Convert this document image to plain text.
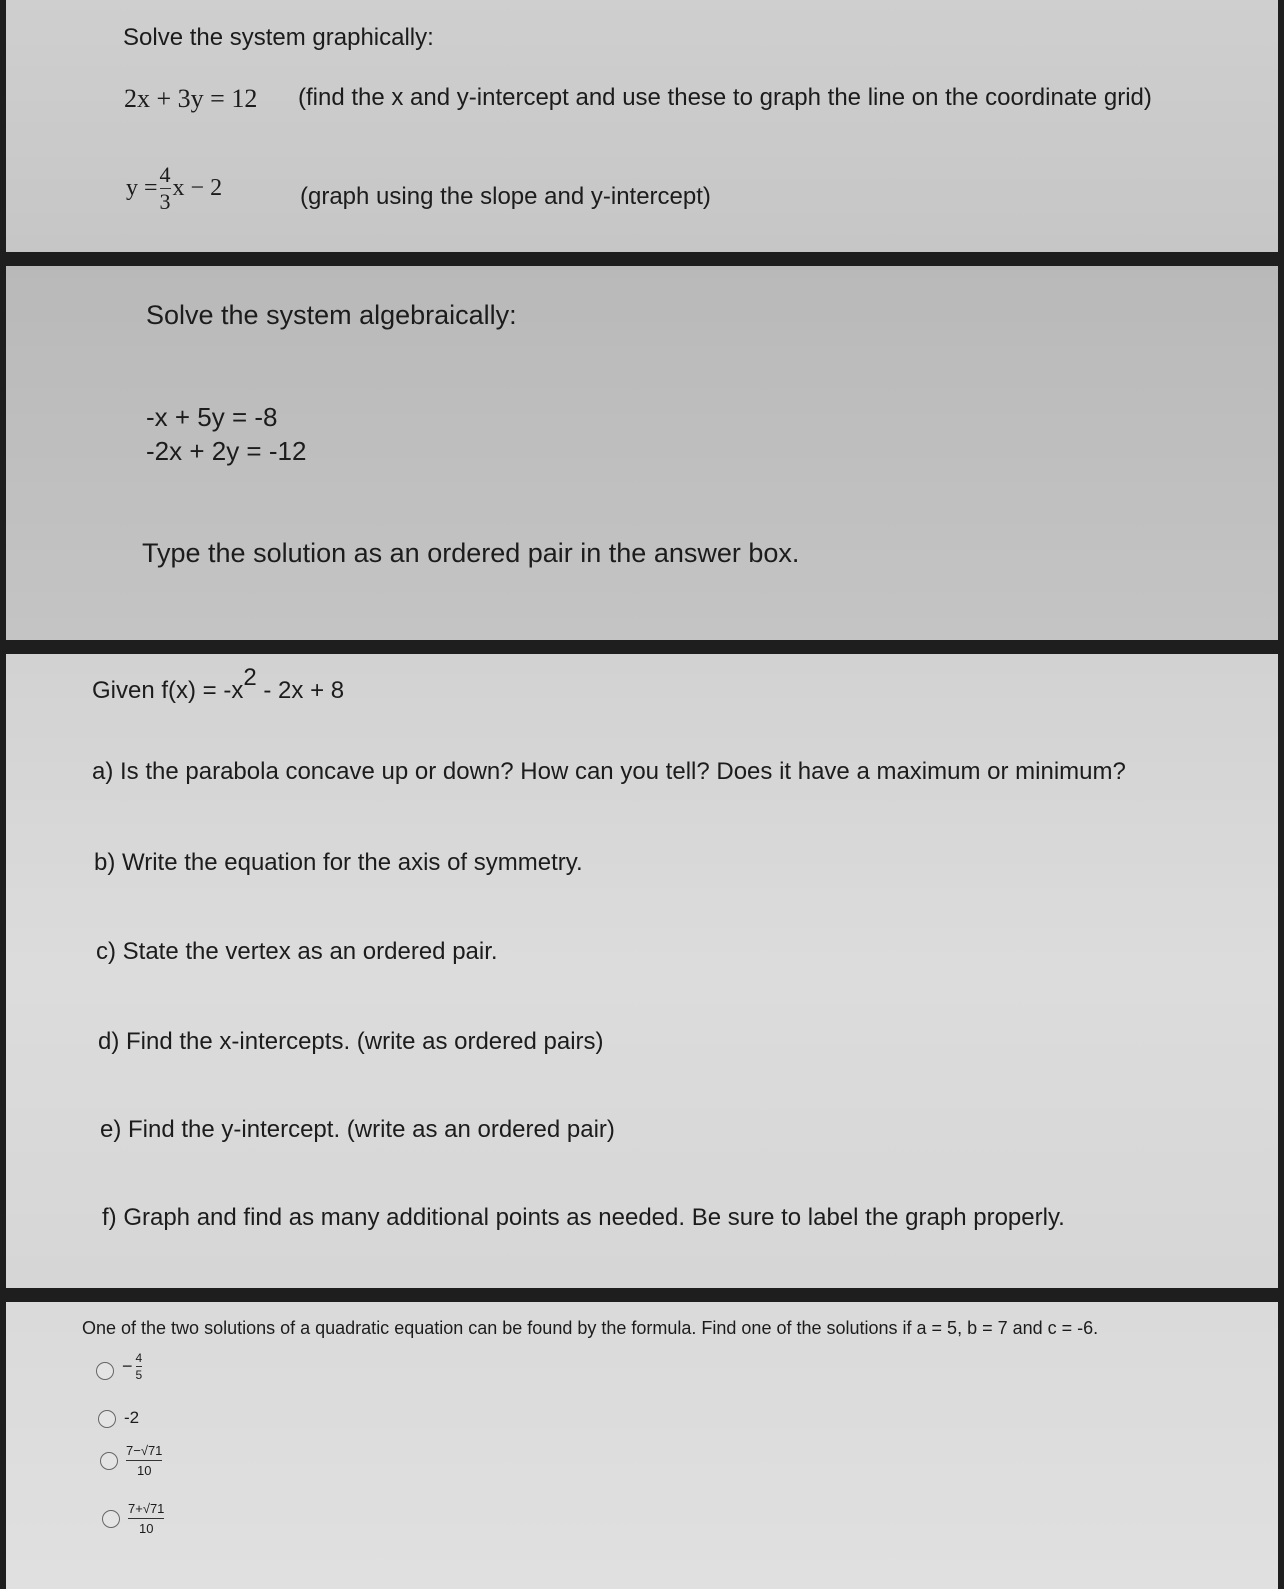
Solve the system graphically:
2x + 3y = 12 (find the x and y-intercept and use these to graph the line on the coordinate grid)
$y = \frac{4}{3}$ x − 2	(graph using the slope and y-intercept)
Solve the system algebraically:
-x + 5y = -8
-2x + 2y = -12
Type the solution as an ordered pair in the answer box.
Given $f(x) = -x^2 - 2x + 8$
a) Is the parabola concave up or down? How can you tell? Does it have a maximum or minimum?
b) Write the equation for the axis of symmetry.
c) State the vertex as an ordered pair.
d) Find the x-intercepts. (write as ordered pairs)
e) Find the y-intercept. (write as an ordered pair)
f) Graph and find as many additional points as needed. Be sure to label the graph properly.
One of the two solutions of a quadratic equation can be found by the formula. Find one of the solutions if a = 5, b = 7 and c = -6.
− $\frac{4}{5}$
-2
$\frac{7-√71}{10}$
$\frac{7+√71}{10}$
